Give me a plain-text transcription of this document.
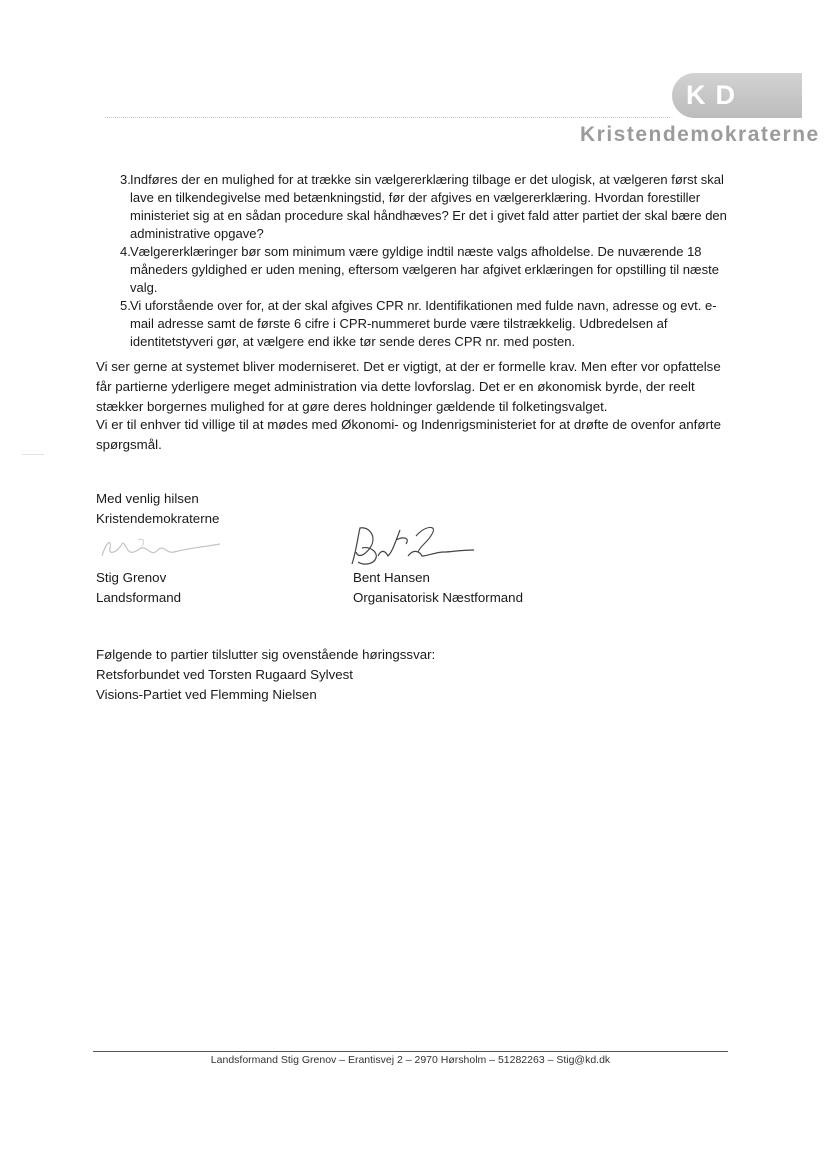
KD
Kristendemokraterne
3. Indføres der en mulighed for at trække sin vælgererklæring tilbage er det ulogisk, at vælgeren først skal lave en tilkendegivelse med betænkningstid, før der afgives en vælgererklæring. Hvordan forestiller ministeriet sig at en sådan procedure skal håndhæves? Er det i givet fald atter partiet der skal bære den administrative opgave?
4. Vælgererklæringer bør som minimum være gyldige indtil næste valgs afholdelse. De nuværende 18 måneders gyldighed er uden mening, eftersom vælgeren har afgivet erklæringen for opstilling til næste valg.
5. Vi uforstående over for, at der skal afgives CPR nr. Identifikationen med fulde navn, adresse og evt. e-mail adresse samt de første 6 cifre i CPR-nummeret burde være tilstrækkelig. Udbredelsen af identitetstyveri gør, at vælgere end ikke tør sende deres CPR nr. med posten.

Vi ser gerne at systemet bliver moderniseret. Det er vigtigt, at der er formelle krav. Men efter vor opfattelse får partierne yderligere meget administration via dette lovforslag. Det er en økonomisk byrde, der reelt stækker borgernes mulighed for at gøre deres holdninger gældende til folketingsvalget.

Vi er til enhver tid villige til at mødes med Økonomi- og Indenrigsministeriet for at drøfte de ovenfor anførte spørgsmål.

Med venlig hilsen
Kristendemokraterne
Stig Grenov
Landsformand
Bent Hansen
Organisatorisk Næstformand
Følgende to partier tilslutter sig ovenstående høringssvar:
Retsforbundet ved Torsten Rugaard Sylvest
Visions-Partiet ved Flemming Nielsen
Landsformand Stig Grenov – Erantisvej 2 – 2970 Hørsholm – 51282263 – Stig@kd.dk
